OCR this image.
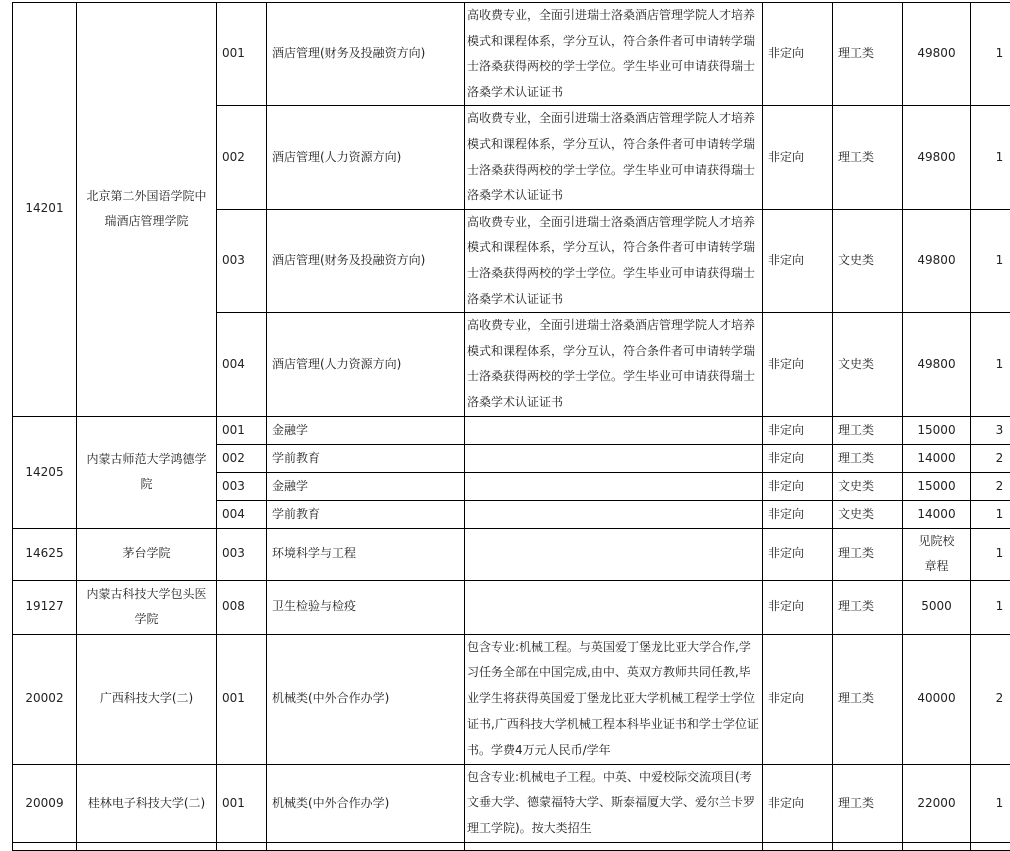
14201	北京第二外国语学院中瑞酒店管理学院	001	酒店管理(财务及投融资方向)	高收费专业，全面引进瑞士洛桑酒店管理学院人才培养模式和课程体系，学分互认，符合条件者可申请转学瑞士洛桑获得两校的学士学位。学生毕业可申请获得瑞士洛桑学术认证证书	非定向	理工类	49800	1
		002	酒店管理(人力资源方向)	高收费专业，全面引进瑞士洛桑酒店管理学院人才培养模式和课程体系，学分互认，符合条件者可申请转学瑞士洛桑获得两校的学士学位。学生毕业可申请获得瑞士洛桑学术认证证书	非定向	理工类	49800	1
		003	酒店管理(财务及投融资方向)	高收费专业，全面引进瑞士洛桑酒店管理学院人才培养模式和课程体系，学分互认，符合条件者可申请转学瑞士洛桑获得两校的学士学位。学生毕业可申请获得瑞士洛桑学术认证证书	非定向	文史类	49800	1
		004	酒店管理(人力资源方向)	高收费专业，全面引进瑞士洛桑酒店管理学院人才培养模式和课程体系，学分互认，符合条件者可申请转学瑞士洛桑获得两校的学士学位。学生毕业可申请获得瑞士洛桑学术认证证书	非定向	文史类	49800	1
14205	内蒙古师范大学鸿德学院	001	金融学		非定向	理工类	15000	3
		002	学前教育		非定向	理工类	14000	2
		003	金融学		非定向	文史类	15000	2
		004	学前教育		非定向	文史类	14000	1
14625	茅台学院	003	环境科学与工程		非定向	理工类	见院校章程	1
19127	内蒙古科技大学包头医学院	008	卫生检验与检疫		非定向	理工类	5000	1
20002	广西科技大学(二)	001	机械类(中外合作办学)	包含专业:机械工程。与英国爱丁堡龙比亚大学合作,学习任务全部在中国完成,由中、英双方教师共同任教,毕业学生将获得英国爱丁堡龙比亚大学机械工程学士学位证书,广西科技大学机械工程本科毕业证书和学士学位证书。学费4万元人民币/学年	非定向	理工类	40000	2
20009	桂林电子科技大学(二)	001	机械类(中外合作办学)	包含专业:机械电子工程。中英、中爱校际交流项目(考文垂大学、德蒙福特大学、斯泰福厦大学、爱尔兰卡罗理工学院)。按大类招生	非定向	理工类	22000	1
